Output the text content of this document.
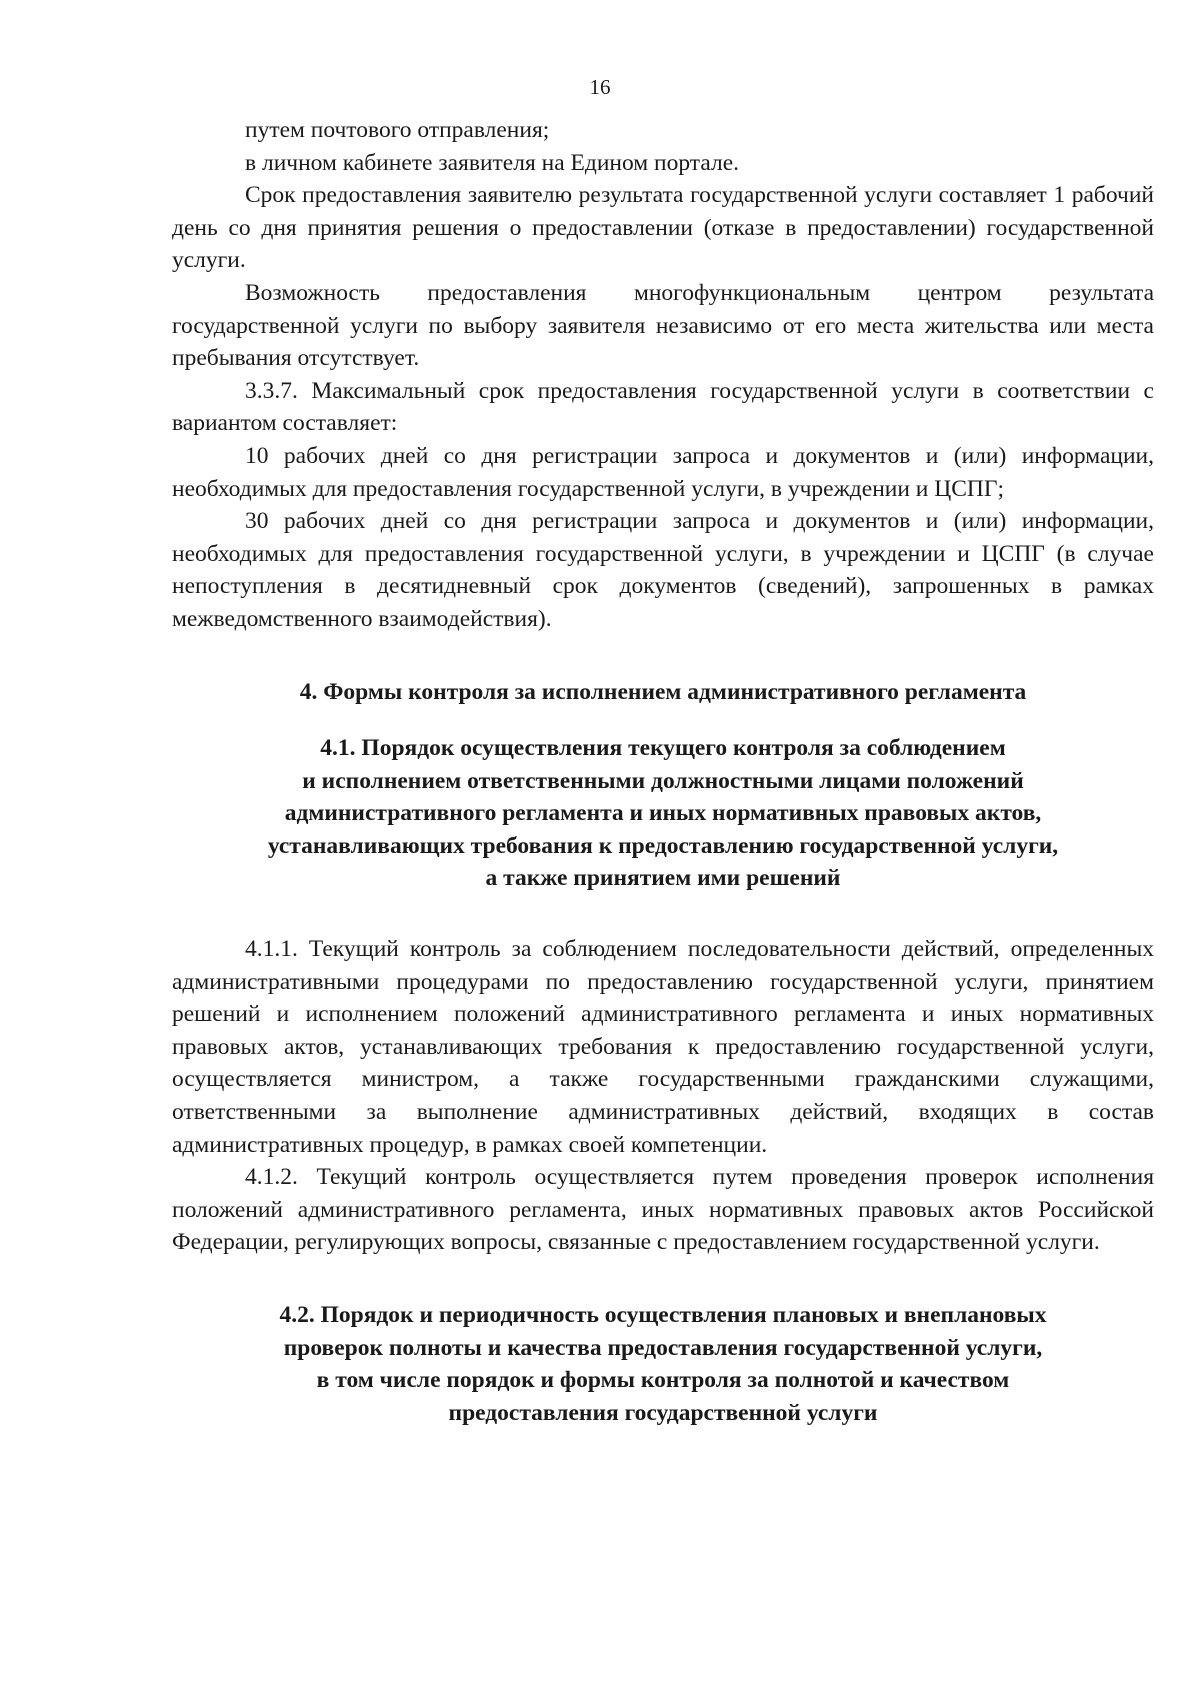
16

путем почтового отправления;

в личном кабинете заявителя на Едином портале.

Срок предоставления заявителю результата государственной услуги составляет 1 рабочий день со дня принятия решения о предоставлении (отказе в предоставлении) государственной услуги.

Возможность предоставления многофункциональным центром результата государственной услуги по выбору заявителя независимо от его места жительства или места пребывания отсутствует.

3.3.7. Максимальный срок предоставления государственной услуги в соответствии с вариантом составляет:

10 рабочих дней со дня регистрации запроса и документов и (или) информации, необходимых для предоставления государственной услуги, в учреждении и ЦСПГ;

30 рабочих дней со дня регистрации запроса и документов и (или) информации, необходимых для предоставления государственной услуги, в учреждении и ЦСПГ (в случае непоступления в десятидневный срок документов (сведений), запрошенных в рамках межведомственного взаимодействия).

4. Формы контроля за исполнением административного регламента

4.1. Порядок осуществления текущего контроля за соблюдением
и исполнением ответственными должностными лицами положений
административного регламента и иных нормативных правовых актов,
устанавливающих требования к предоставлению государственной услуги,
а также принятием ими решений

4.1.1. Текущий контроль за соблюдением последовательности действий, определенных административными процедурами по предоставлению государственной услуги, принятием решений и исполнением положений административного регламента и иных нормативных правовых актов, устанавливающих требования к предоставлению государственной услуги, осуществляется министром, а также государственными гражданскими служащими, ответственными за выполнение административных действий, входящих в состав административных процедур, в рамках своей компетенции.

4.1.2. Текущий контроль осуществляется путем проведения проверок исполнения положений административного регламента, иных нормативных правовых актов Российской Федерации, регулирующих вопросы, связанные с предоставлением государственной услуги.

4.2. Порядок и периодичность осуществления плановых и внеплановых
проверок полноты и качества предоставления государственной услуги,
в том числе порядок и формы контроля за полнотой и качеством
предоставления государственной услуги
